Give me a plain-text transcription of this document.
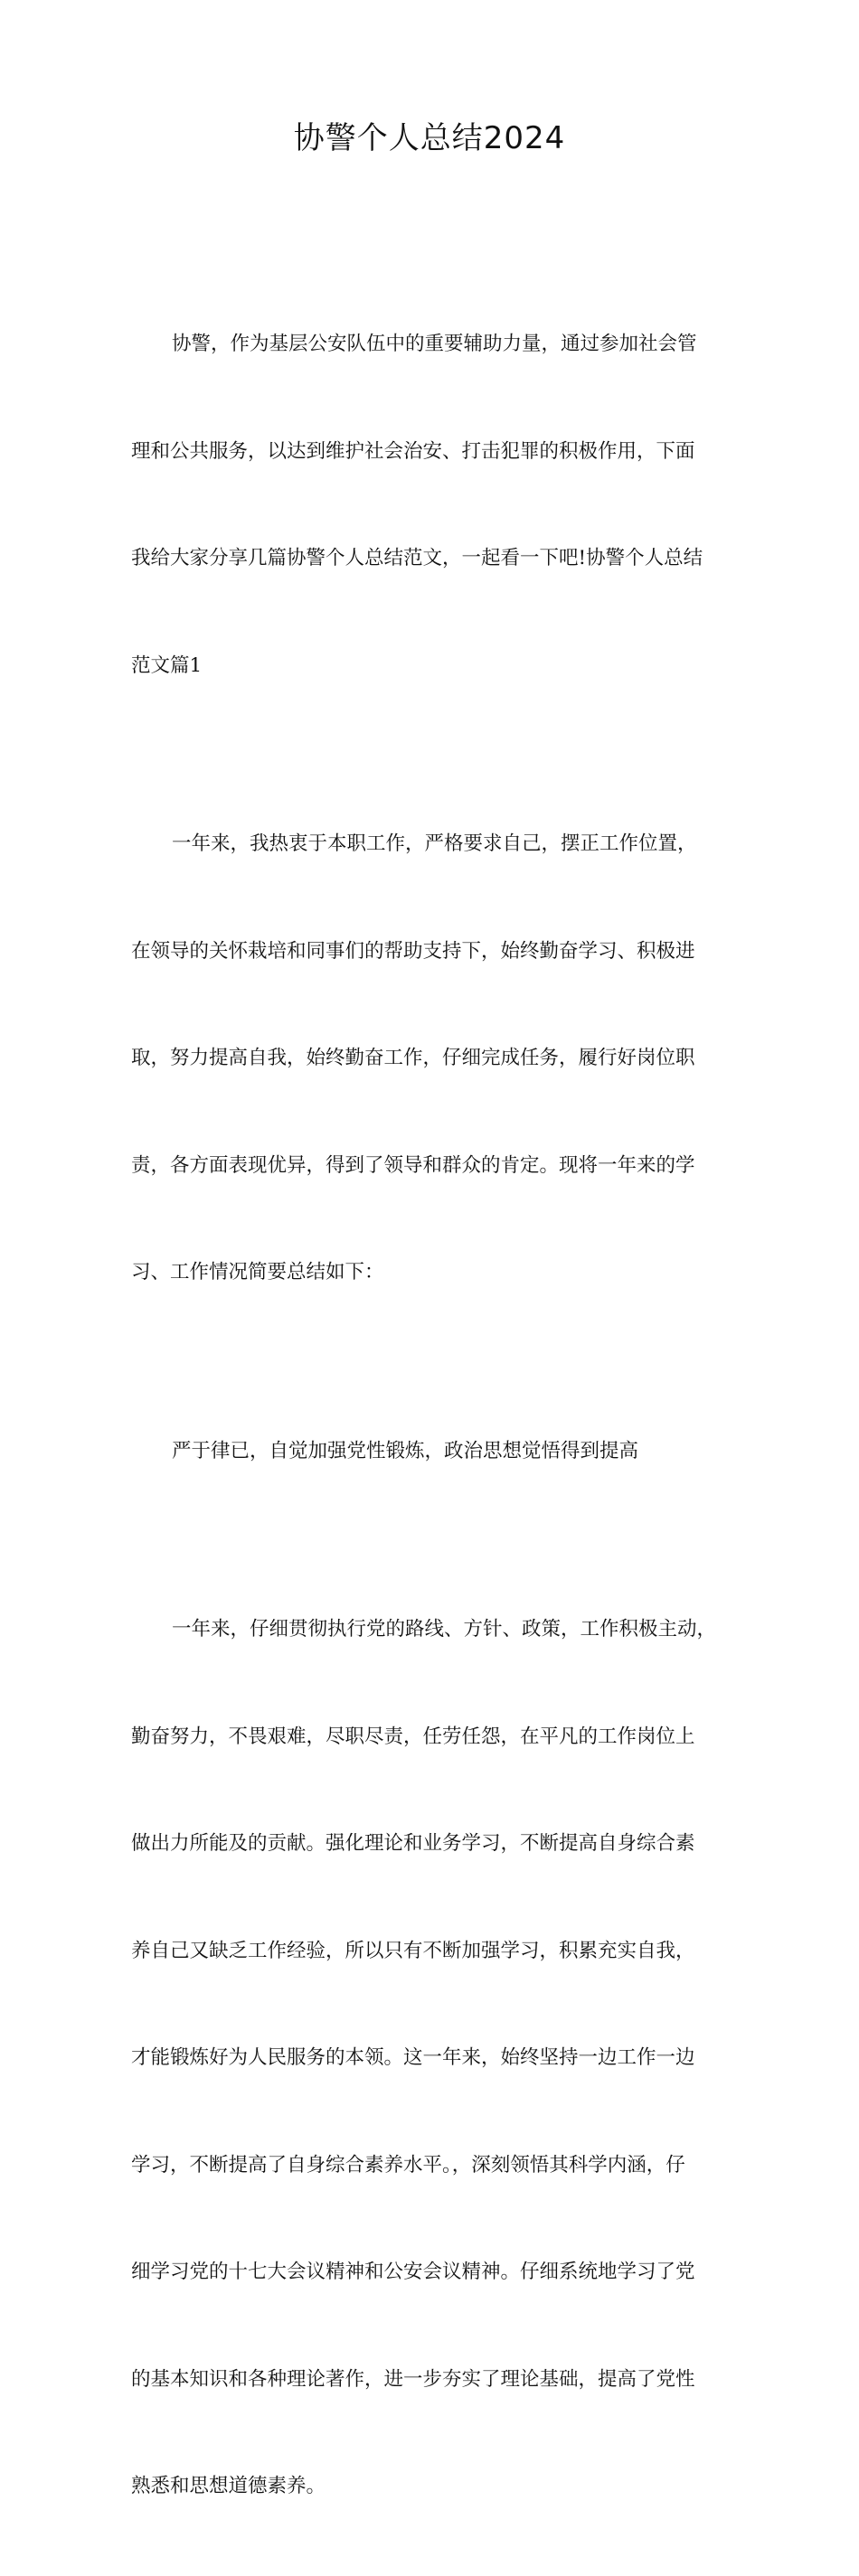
协警个人总结2024

协警，作为基层公安队伍中的重要辅助力量，通过参加社会管

理和公共服务，以达到维护社会治安、打击犯罪的积极作用，下面

我给大家分享几篇协警个人总结范文，一起看一下吧!协警个人总结

范文篇1

一年来，我热衷于本职工作，严格要求自己，摆正工作位置，

在领导的关怀栽培和同事们的帮助支持下，始终勤奋学习、积极进

取，努力提高自我，始终勤奋工作，仔细完成任务，履行好岗位职

责，各方面表现优异，得到了领导和群众的肯定。现将一年来的学

习、工作情况简要总结如下：

严于律已，自觉加强党性锻炼，政治思想觉悟得到提高

一年来，仔细贯彻执行党的路线、方针、政策，工作积极主动，

勤奋努力，不畏艰难，尽职尽责，任劳任怨，在平凡的工作岗位上

做出力所能及的贡献。强化理论和业务学习，不断提高自身综合素

养自己又缺乏工作经验，所以只有不断加强学习，积累充实自我，

才能锻炼好为人民服务的本领。这一年来，始终坚持一边工作一边

学习，不断提高了自身综合素养水平。，深刻领悟其科学内涵，仔

细学习党的十七大会议精神和公安会议精神。仔细系统地学习了党

的基本知识和各种理论著作，进一步夯实了理论基础，提高了党性

熟悉和思想道德素养。
